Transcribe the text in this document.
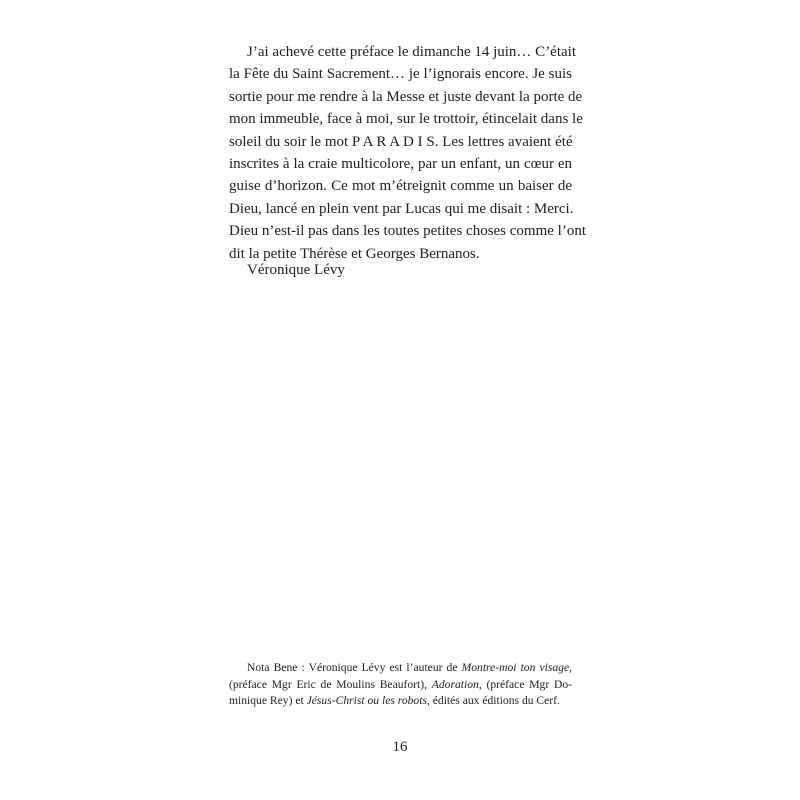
J’ai achevé cette préface le dimanche 14 juin… C’était
la Fête du Saint Sacrement… je l’ignorais encore. Je suis
sortie pour me rendre à la Messe et juste devant la porte de
mon immeuble, face à moi, sur le trottoir, étincelait dans le
soleil du soir le mot P A R A D I S. Les lettres avaient été
inscrites à la craie multicolore, par un enfant, un cœur en
guise d’horizon. Ce mot m’étreignit comme un baiser de
Dieu, lancé en plein vent par Lucas qui me disait : Merci.
Dieu n’est-il pas dans les toutes petites choses comme l’ont
dit la petite Thérèse et Georges Bernanos.

Véronique Lévy

Nota Bene : Véronique Lévy est l’auteur de Montre-moi ton visage,
(préface Mgr Eric de Moulins Beaufort), Adoration, (préface Mgr Do-
minique Rey) et Jésus-Christ ou les robots, édités aux éditions du Cerf.

16
